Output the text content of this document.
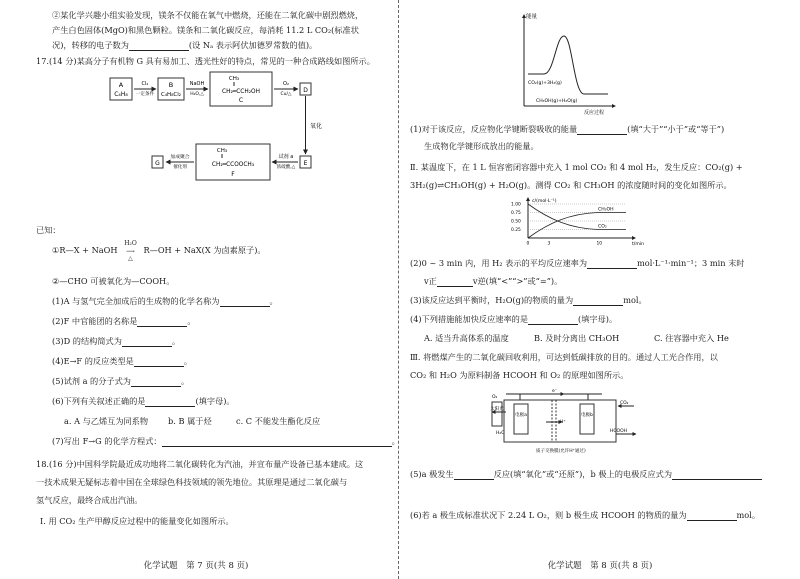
②某化学兴趣小组实验发现，镁条不仅能在氧气中燃烧，还能在二氧化碳中剧烈燃烧，
产生白色固体(MgO)和黑色颗粒。镁条和二氧化碳反应，每消耗 11.2 L CO₂(标准状
况)，转移的电子数为	(设 Nₐ 表示阿伏加德罗常数的值)。
17.(14 分)某高分子有机物 G 具有易加工、透光性好的特点，常见的一种合成路线如图所示。
A
C₄H₈
Cl₂
一定条件
B
C₄H₈Cl₂
NaOH
H₂O,△
CH₃
CH₂═CCH₂OH
C
O₂
Cu/△
D
氧化
E
试剂 a
浓硫酸,△
CH₃
CH₂═CCOOCH₃
F
加成聚合
催化剂
G
已知：
①R—X + NaOH
H₂O
⟶
△
R—OH + NaX(X 为卤素原子)。
②—CHO 可被氧化为—COOH。
(1)A 与氢气完全加成后的生成物的化学名称为	。
(2)F 中官能团的名称是	。
(3)D 的结构简式为	。
(4)E→F 的反应类型是	。
(5)试剂 a 的分子式为	。
(6)下列有关叙述正确的是	(填字母)。
a. A 与乙烯互为同系物 b. B 属于烃	c. C 不能发生酯化反应
(7)写出 F→G 的化学方程式：	。
18.(16 分)中国科学院最近成功地将二氧化碳转化为汽油，并宣布量产设备已基本建成。这
一技术成果无疑标志着中国在全球绿色科技领域的领先地位。其原理是通过二氧化碳与
氢气反应，最终合成出汽油。
Ⅰ. 用 CO₂ 生产甲醇反应过程中的能量变化如图所示。
化学试题　第 7 页(共 8 页)
能量
反应过程
CO₂(g)+3H₂(g)
CH₃OH(g)+H₂O(g)
(1)对于该反应，反应物化学键断裂吸收的能量	(填“大于”“小于”或“等于”)
生成物化学键形成放出的能量。
Ⅱ. 某温度下，在 1 L 恒容密闭容器中充入 1 mol CO₂ 和 4 mol H₂，发生反应：CO₂(g) +
3H₂(g)⇌CH₃OH(g) + H₂O(g)。测得 CO₂ 和 CH₃OH 的浓度随时间的变化如图所示。
c/(mol·L⁻¹)
t/min
1.00
0.75
0.50
0.25
0	3	10
CH₃OH
CO₂
(2)0 ~ 3 min 内，用 H₂ 表示的平均反应速率为	mol·L⁻¹·min⁻¹；3 min 末时
v正	v逆(填“<”“>”或“=”)。
(3)该反应达到平衡时，H₂O(g)的物质的量为	mol。
(4)下列措施能加快反应速率的是	(填字母)。
A. 适当升高体系的温度	B. 及时分离出 CH₃OH	C. 往容器中充入 He
Ⅲ. 将燃煤产生的二氧化碳回收利用，可达到低碳排放的目的。通过人工光合作用，以
CO₂ 和 H₂O 为原料制备 HCOOH 和 O₂ 的原理如图所示。
太阳光
H₂O
e⁻
电极a
H⁺
电极b
O₂
CO₂
HCOOH
质子交换膜(允许H⁺通过)
(5)a 极发生	反应(填“氧化”或“还原”)，b 极上的电极反应式为
(6)若 a 极生成标准状况下 2.24 L O₂，则 b 极生成 HCOOH 的物质的量为	mol。
化学试题　第 8 页(共 8 页)
